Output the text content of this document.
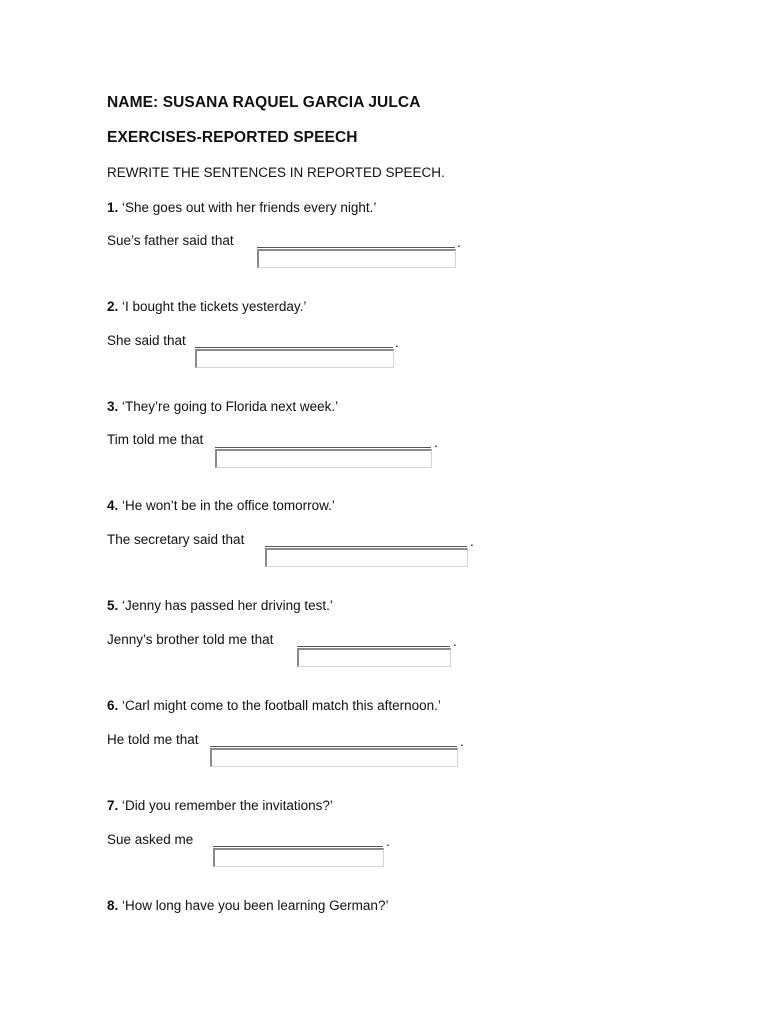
NAME: SUSANA RAQUEL GARCIA JULCA
EXERCISES-REPORTED SPEECH
REWRITE THE SENTENCES IN REPORTED SPEECH.
1. ‘She goes out with her friends every night.’
Sue’s father said that	.
2. ‘I bought the tickets yesterday.’
She said that	.
3. ‘They’re going to Florida next week.’
Tim told me that	.
4. ‘He won’t be in the office tomorrow.’
The secretary said that	.
5. ‘Jenny has passed her driving test.’
Jenny’s brother told me that	.
6. ‘Carl might come to the football match this afternoon.’
He told me that	.
7. ‘Did you remember the invitations?’
Sue asked me	.
8. ‘How long have you been learning German?’
